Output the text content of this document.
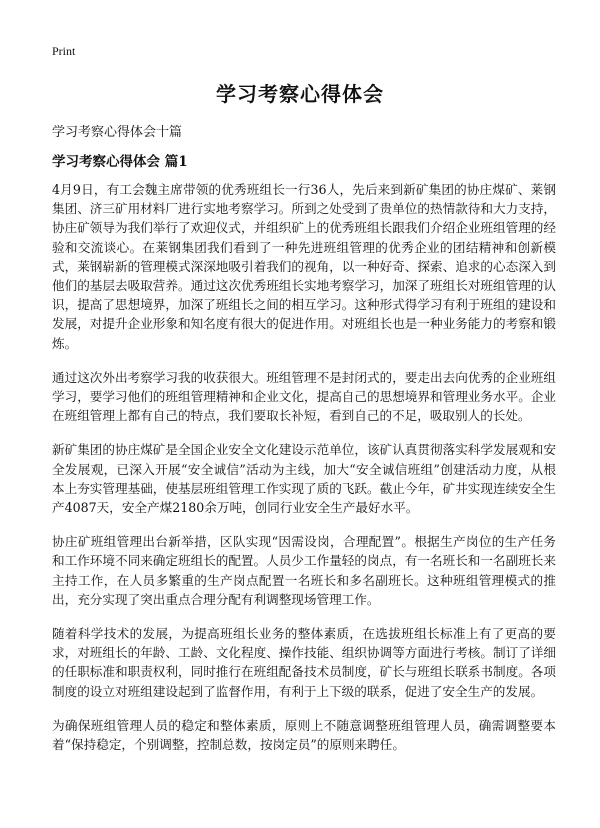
Print
学习考察心得体会

学习考察心得体会十篇

学习考察心得体会 篇1

4月9日，有工会魏主席带领的优秀班组长一行36人，先后来到新矿集团的协庄煤矿、莱钢集团、济三矿用材料厂进行实地考察学习。所到之处受到了贵单位的热情款待和大力支持，协庄矿领导为我们举行了欢迎仪式，并组织矿上的优秀班组长跟我们介绍企业班组管理的经验和交流谈心。在莱钢集团我们看到了一种先进班组管理的优秀企业的团结精神和创新模式，莱钢崭新的管理模式深深地吸引着我们的视角，以一种好奇、探索、追求的心态深入到他们的基层去吸取营养。通过这次优秀班组长实地考察学习，加深了班组长对班组管理的认识，提高了思想境界，加深了班组长之间的相互学习。这种形式得学习有利于班组的建设和发展，对提升企业形象和知名度有很大的促进作用。对班组长也是一种业务能力的考察和锻炼。

通过这次外出考察学习我的收获很大。班组管理不是封闭式的，要走出去向优秀的企业班组学习，要学习他们的班组管理精神和企业文化，提高自己的思想境界和管理业务水平。企业在班组管理上都有自己的特点，我们要取长补短，看到自己的不足，吸取别人的长处。

新矿集团的协庄煤矿是全国企业安全文化建设示范单位，该矿认真贯彻落实科学发展观和安全发展观，已深入开展“安全诚信”活动为主线，加大“安全诚信班组”创建活动力度，从根本上夯实管理基础，使基层班组管理工作实现了质的飞跃。截止今年，矿井实现连续安全生产4087天，安全产煤2180余万吨，创同行业安全生产最好水平。

协庄矿班组管理出台新举措，区队实现“因需设岗，合理配置”。根据生产岗位的生产任务和工作环境不同来确定班组长的配置。人员少工作量轻的岗点，有一名班长和一名副班长来主持工作，在人员多繁重的生产岗点配置一名班长和多名副班长。这种班组管理模式的推出，充分实现了突出重点合理分配有利调整现场管理工作。

随着科学技术的发展，为提高班组长业务的整体素质，在选拔班组长标准上有了更高的要求，对班组长的年龄、工龄、文化程度、操作技能、组织协调等方面进行考核。制订了详细的任职标准和职责权利，同时推行在班组配备技术员制度，矿长与班组长联系书制度。各项制度的设立对班组建设起到了监督作用，有利于上下级的联系，促进了安全生产的发展。

为确保班组管理人员的稳定和整体素质，原则上不随意调整班组管理人员，确需调整要本着“保持稳定，个别调整，控制总数，按岗定员”的原则来聘任。
